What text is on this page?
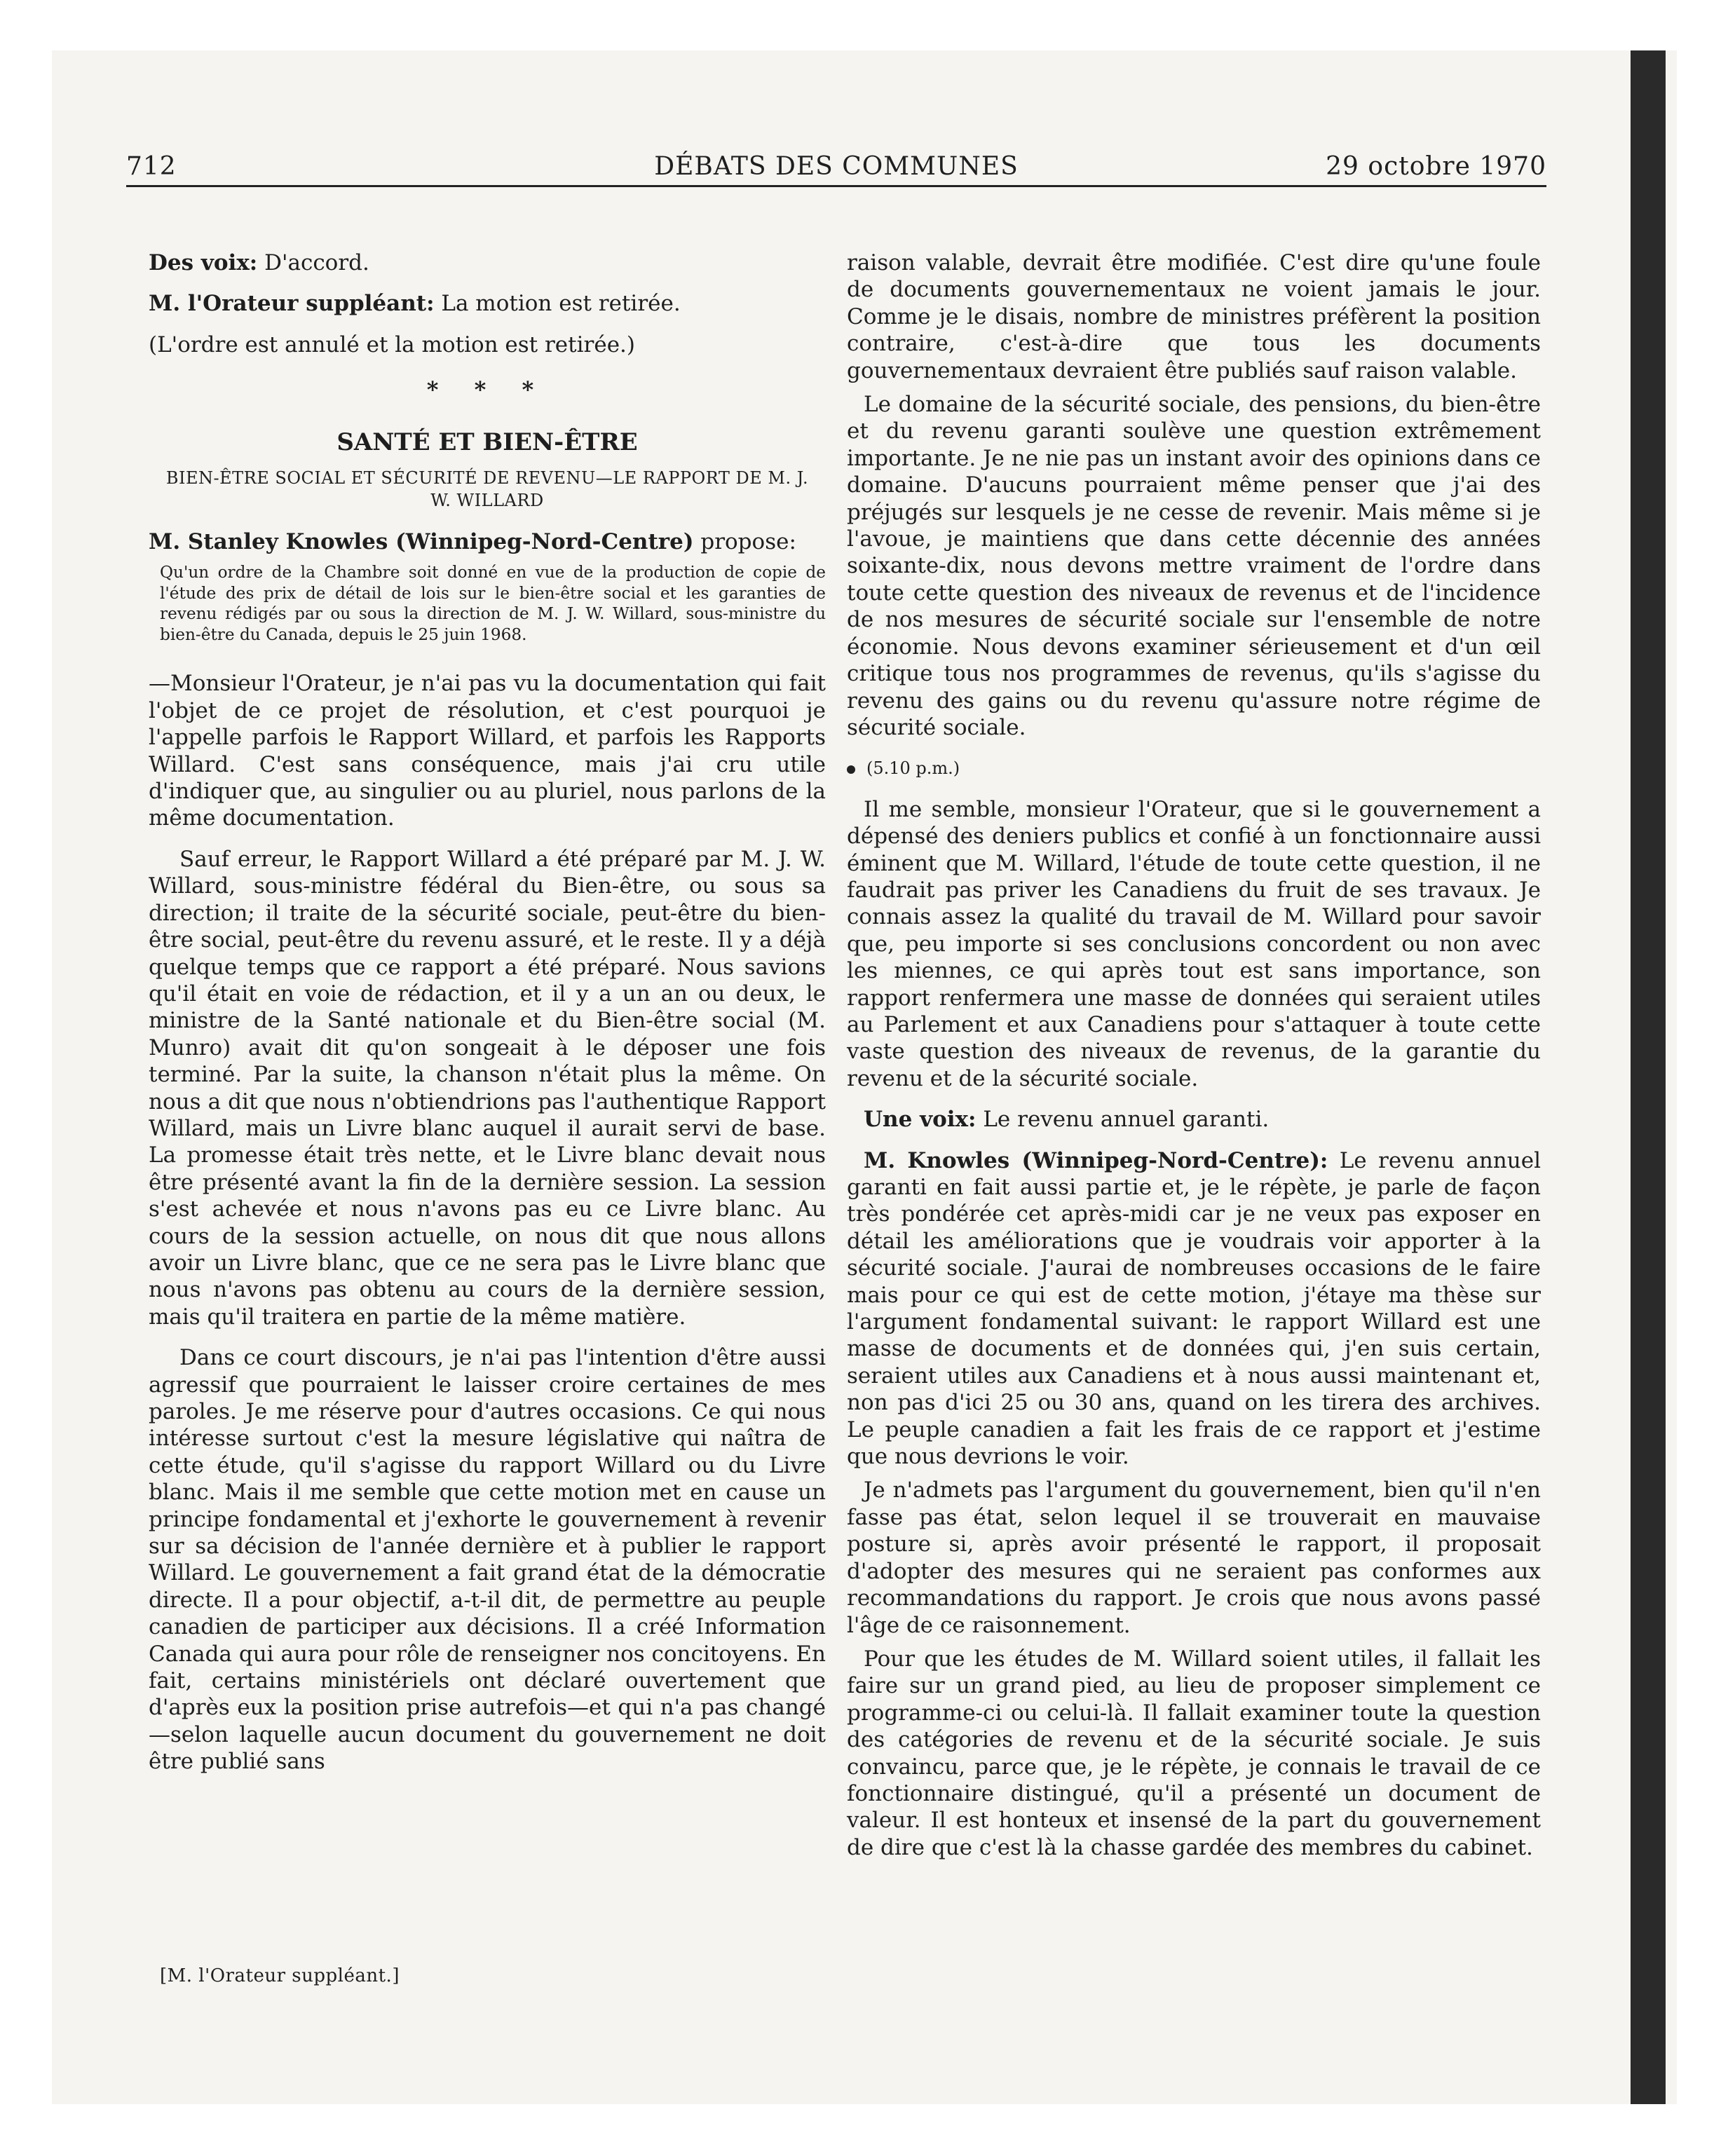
712	DÉBATS DES COMMUNES	29 octobre 1970

Des voix: D'accord.

M. l'Orateur suppléant: La motion est retirée.

(L'ordre est annulé et la motion est retirée.)

* * *
SANTÉ ET BIEN-ÊTRE
BIEN-ÊTRE SOCIAL ET SÉCURITÉ DE REVENU—LE RAPPORT DE M. J. W. WILLARD

M. Stanley Knowles (Winnipeg-Nord-Centre) propose:

Qu'un ordre de la Chambre soit donné en vue de la production de copie de l'étude des prix de détail de lois sur le bien-être social et les garanties de revenu rédigés par ou sous la direction de M. J. W. Willard, sous-ministre du bien-être du Canada, depuis le 25 juin 1968.

—Monsieur l'Orateur, je n'ai pas vu la documentation qui fait l'objet de ce projet de résolution, et c'est pourquoi je l'appelle parfois le Rapport Willard, et parfois les Rapports Willard. C'est sans conséquence, mais j'ai cru utile d'indiquer que, au singulier ou au pluriel, nous parlons de la même documentation.

Sauf erreur, le Rapport Willard a été préparé par M. J. W. Willard, sous-ministre fédéral du Bien-être, ou sous sa direction; il traite de la sécurité sociale, peut-être du bien-être social, peut-être du revenu assuré, et le reste. Il y a déjà quelque temps que ce rapport a été préparé. Nous savions qu'il était en voie de rédaction, et il y a un an ou deux, le ministre de la Santé nationale et du Bien-être social (M. Munro) avait dit qu'on songeait à le déposer une fois terminé. Par la suite, la chanson n'était plus la même. On nous a dit que nous n'obtiendrions pas l'authentique Rapport Willard, mais un Livre blanc auquel il aurait servi de base. La promesse était très nette, et le Livre blanc devait nous être présenté avant la fin de la dernière session. La session s'est achevée et nous n'avons pas eu ce Livre blanc. Au cours de la session actuelle, on nous dit que nous allons avoir un Livre blanc, que ce ne sera pas le Livre blanc que nous n'avons pas obtenu au cours de la dernière session, mais qu'il traitera en partie de la même matière.

Dans ce court discours, je n'ai pas l'intention d'être aussi agressif que pourraient le laisser croire certaines de mes paroles. Je me réserve pour d'autres occasions. Ce qui nous intéresse surtout c'est la mesure législative qui naîtra de cette étude, qu'il s'agisse du rapport Willard ou du Livre blanc. Mais il me semble que cette motion met en cause un principe fondamental et j'exhorte le gouvernement à revenir sur sa décision de l'année dernière et à publier le rapport Willard. Le gouvernement a fait grand état de la démocratie directe. Il a pour objectif, a-t-il dit, de permettre au peuple canadien de participer aux décisions. Il a créé Information Canada qui aura pour rôle de renseigner nos concitoyens. En fait, certains ministériels ont déclaré ouvertement que d'après eux la position prise autrefois—et qui n'a pas changé—selon laquelle aucun document du gouvernement ne doit être publié sans

[M. l'Orateur suppléant.]

raison valable, devrait être modifiée. C'est dire qu'une foule de documents gouvernementaux ne voient jamais le jour. Comme je le disais, nombre de ministres préfèrent la position contraire, c'est-à-dire que tous les documents gouvernementaux devraient être publiés sauf raison valable.

Le domaine de la sécurité sociale, des pensions, du bien-être et du revenu garanti soulève une question extrêmement importante. Je ne nie pas un instant avoir des opinions dans ce domaine. D'aucuns pourraient même penser que j'ai des préjugés sur lesquels je ne cesse de revenir. Mais même si je l'avoue, je maintiens que dans cette décennie des années soixante-dix, nous devons mettre vraiment de l'ordre dans toute cette question des niveaux de revenus et de l'incidence de nos mesures de sécurité sociale sur l'ensemble de notre économie. Nous devons examiner sérieusement et d'un œil critique tous nos programmes de revenus, qu'ils s'agisse du revenu des gains ou du revenu qu'assure notre régime de sécurité sociale.

(5.10 p.m.)

Il me semble, monsieur l'Orateur, que si le gouvernement a dépensé des deniers publics et confié à un fonctionnaire aussi éminent que M. Willard, l'étude de toute cette question, il ne faudrait pas priver les Canadiens du fruit de ses travaux. Je connais assez la qualité du travail de M. Willard pour savoir que, peu importe si ses conclusions concordent ou non avec les miennes, ce qui après tout est sans importance, son rapport renfermera une masse de données qui seraient utiles au Parlement et aux Canadiens pour s'attaquer à toute cette vaste question des niveaux de revenus, de la garantie du revenu et de la sécurité sociale.

Une voix: Le revenu annuel garanti.

M. Knowles (Winnipeg-Nord-Centre): Le revenu annuel garanti en fait aussi partie et, je le répète, je parle de façon très pondérée cet après-midi car je ne veux pas exposer en détail les améliorations que je voudrais voir apporter à la sécurité sociale. J'aurai de nombreuses occasions de le faire mais pour ce qui est de cette motion, j'étaye ma thèse sur l'argument fondamental suivant: le rapport Willard est une masse de documents et de données qui, j'en suis certain, seraient utiles aux Canadiens et à nous aussi maintenant et, non pas d'ici 25 ou 30 ans, quand on les tirera des archives. Le peuple canadien a fait les frais de ce rapport et j'estime que nous devrions le voir.

Je n'admets pas l'argument du gouvernement, bien qu'il n'en fasse pas état, selon lequel il se trouverait en mauvaise posture si, après avoir présenté le rapport, il proposait d'adopter des mesures qui ne seraient pas conformes aux recommandations du rapport. Je crois que nous avons passé l'âge de ce raisonnement.

Pour que les études de M. Willard soient utiles, il fallait les faire sur un grand pied, au lieu de proposer simplement ce programme-ci ou celui-là. Il fallait examiner toute la question des catégories de revenu et de la sécurité sociale. Je suis convaincu, parce que, je le répète, je connais le travail de ce fonctionnaire distingué, qu'il a présenté un document de valeur. Il est honteux et insensé de la part du gouvernement de dire que c'est là la chasse gardée des membres du cabinet.
